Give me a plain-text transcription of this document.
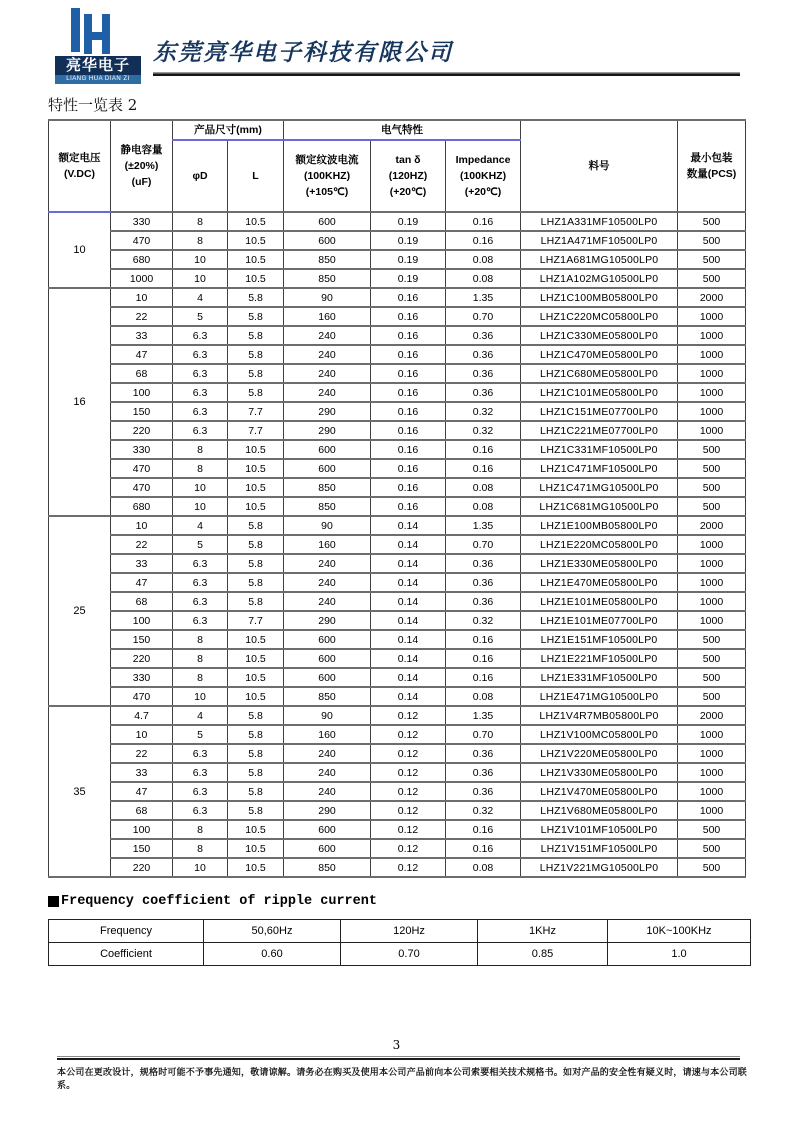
亮华电子
LIANG HUA DIAN ZI
东莞亮华电子科技有限公司
特性一览表 2
额定电压
(V.DC)

静电容量
(±20%)
(uF)
	产品尺寸(mm)	电气特性	料号	
最小包装
数量(PCS)

φD	L	
额定纹波电流
(100KHZ)
(+105℃)

tan δ
(120HZ)
(+20℃)

Impedance
(100KHZ)
(+20℃)

10	330	8	10.5	600	0.19	0.16	LHZ1A331MF10500LP0	500
	470	8	10.5	600	0.19	0.16	LHZ1A471MF10500LP0	500
	680	10	10.5	850	0.19	0.08	LHZ1A681MG10500LP0	500
	1000	10	10.5	850	0.19	0.08	LHZ1A102MG10500LP0	500
16	10	4	5.8	90	0.16	1.35	LHZ1C100MB05800LP0	2000
	22	5	5.8	160	0.16	0.70	LHZ1C220MC05800LP0	1000
	33	6.3	5.8	240	0.16	0.36	LHZ1C330ME05800LP0	1000
	47	6.3	5.8	240	0.16	0.36	LHZ1C470ME05800LP0	1000
	68	6.3	5.8	240	0.16	0.36	LHZ1C680ME05800LP0	1000
	100	6.3	5.8	240	0.16	0.36	LHZ1C101ME05800LP0	1000
	150	6.3	7.7	290	0.16	0.32	LHZ1C151ME07700LP0	1000
	220	6.3	7.7	290	0.16	0.32	LHZ1C221ME07700LP0	1000
	330	8	10.5	600	0.16	0.16	LHZ1C331MF10500LP0	500
	470	8	10.5	600	0.16	0.16	LHZ1C471MF10500LP0	500
	470	10	10.5	850	0.16	0.08	LHZ1C471MG10500LP0	500
	680	10	10.5	850	0.16	0.08	LHZ1C681MG10500LP0	500
25	10	4	5.8	90	0.14	1.35	LHZ1E100MB05800LP0	2000
	22	5	5.8	160	0.14	0.70	LHZ1E220MC05800LP0	1000
	33	6.3	5.8	240	0.14	0.36	LHZ1E330ME05800LP0	1000
	47	6.3	5.8	240	0.14	0.36	LHZ1E470ME05800LP0	1000
	68	6.3	5.8	240	0.14	0.36	LHZ1E101ME05800LP0	1000
	100	6.3	7.7	290	0.14	0.32	LHZ1E101ME07700LP0	1000
	150	8	10.5	600	0.14	0.16	LHZ1E151MF10500LP0	500
	220	8	10.5	600	0.14	0.16	LHZ1E221MF10500LP0	500
	330	8	10.5	600	0.14	0.16	LHZ1E331MF10500LP0	500
	470	10	10.5	850	0.14	0.08	LHZ1E471MG10500LP0	500
35	4.7	4	5.8	90	0.12	1.35	LHZ1V4R7MB05800LP0	2000
	10	5	5.8	160	0.12	0.70	LHZ1V100MC05800LP0	1000
	22	6.3	5.8	240	0.12	0.36	LHZ1V220ME05800LP0	1000
	33	6.3	5.8	240	0.12	0.36	LHZ1V330ME05800LP0	1000
	47	6.3	5.8	240	0.12	0.36	LHZ1V470ME05800LP0	1000
	68	6.3	5.8	290	0.12	0.32	LHZ1V680ME05800LP0	1000
	100	8	10.5	600	0.12	0.16	LHZ1V101MF10500LP0	500
	150	8	10.5	600	0.12	0.16	LHZ1V151MF10500LP0	500
	220	10	10.5	850	0.12	0.08	LHZ1V221MG10500LP0	500
Frequency coefficient of ripple current
Frequency	50,60Hz	120Hz	1KHz	10K~100KHz
Coefficient	0.60	0.70	0.85	1.0
3
本公司在更改设计，规格时可能不予事先通知，敬请谅解。请务必在购买及使用本公司产品前向本公司索要相关技术规格书。如对产品的安全性有疑义时，请速与本公司联系。
